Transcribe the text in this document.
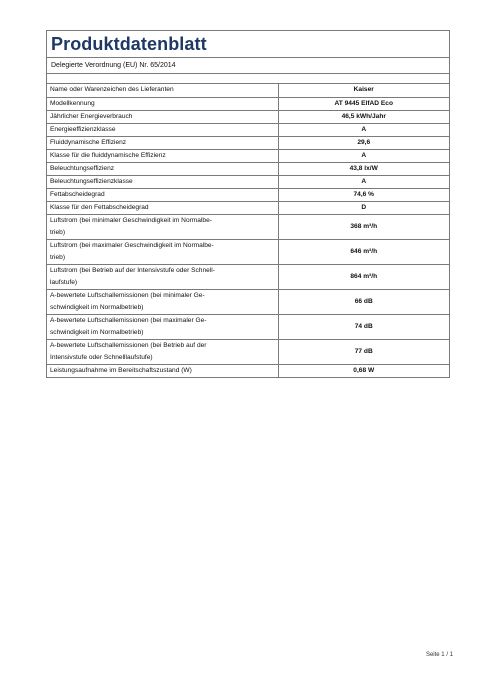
Produktdatenblatt
Delegierte Verordnung (EU) Nr. 65/2014
Name oder Warenzeichen des Lieferanten	Kaiser
Modellkennung	AT 9445 ElfAD Eco
Jährlicher Energieverbrauch	46,5 kWh/Jahr
Energieeffizienzklasse	A
Fluiddynamische Effizienz	29,6
Klasse für die fluiddynamische Effizienz	A
Beleuchtungseffizienz	43,8 lx/W
Beleuchtungseffizienzklasse	A
Fettabscheidegrad	74,6 %
Klasse für den Fettabscheidegrad	D
Luftstrom (bei minimaler Geschwindigkeit im Normalbe-
trieb)	368 m³/h
Luftstrom (bei maximaler Geschwindigkeit im Normalbe-
trieb)	646 m³/h
Luftstrom (bei Betrieb auf der Intensivstufe oder Schnell-
laufstufe)	864 m³/h
A-bewertete Luftschallemissionen (bei minimaler Ge-
schwindigkeit im Normalbetrieb)	66 dB
A-bewertete Luftschallemissionen (bei maximaler Ge-
schwindigkeit im Normalbetrieb)	74 dB
A-bewertete Luftschallemissionen (bei Betrieb auf der
Intensivstufe oder Schnelllaufstufe)	77 dB
Leistungsaufnahme im Bereitschaftszustand (W)	0,68 W
Seite 1 / 1
